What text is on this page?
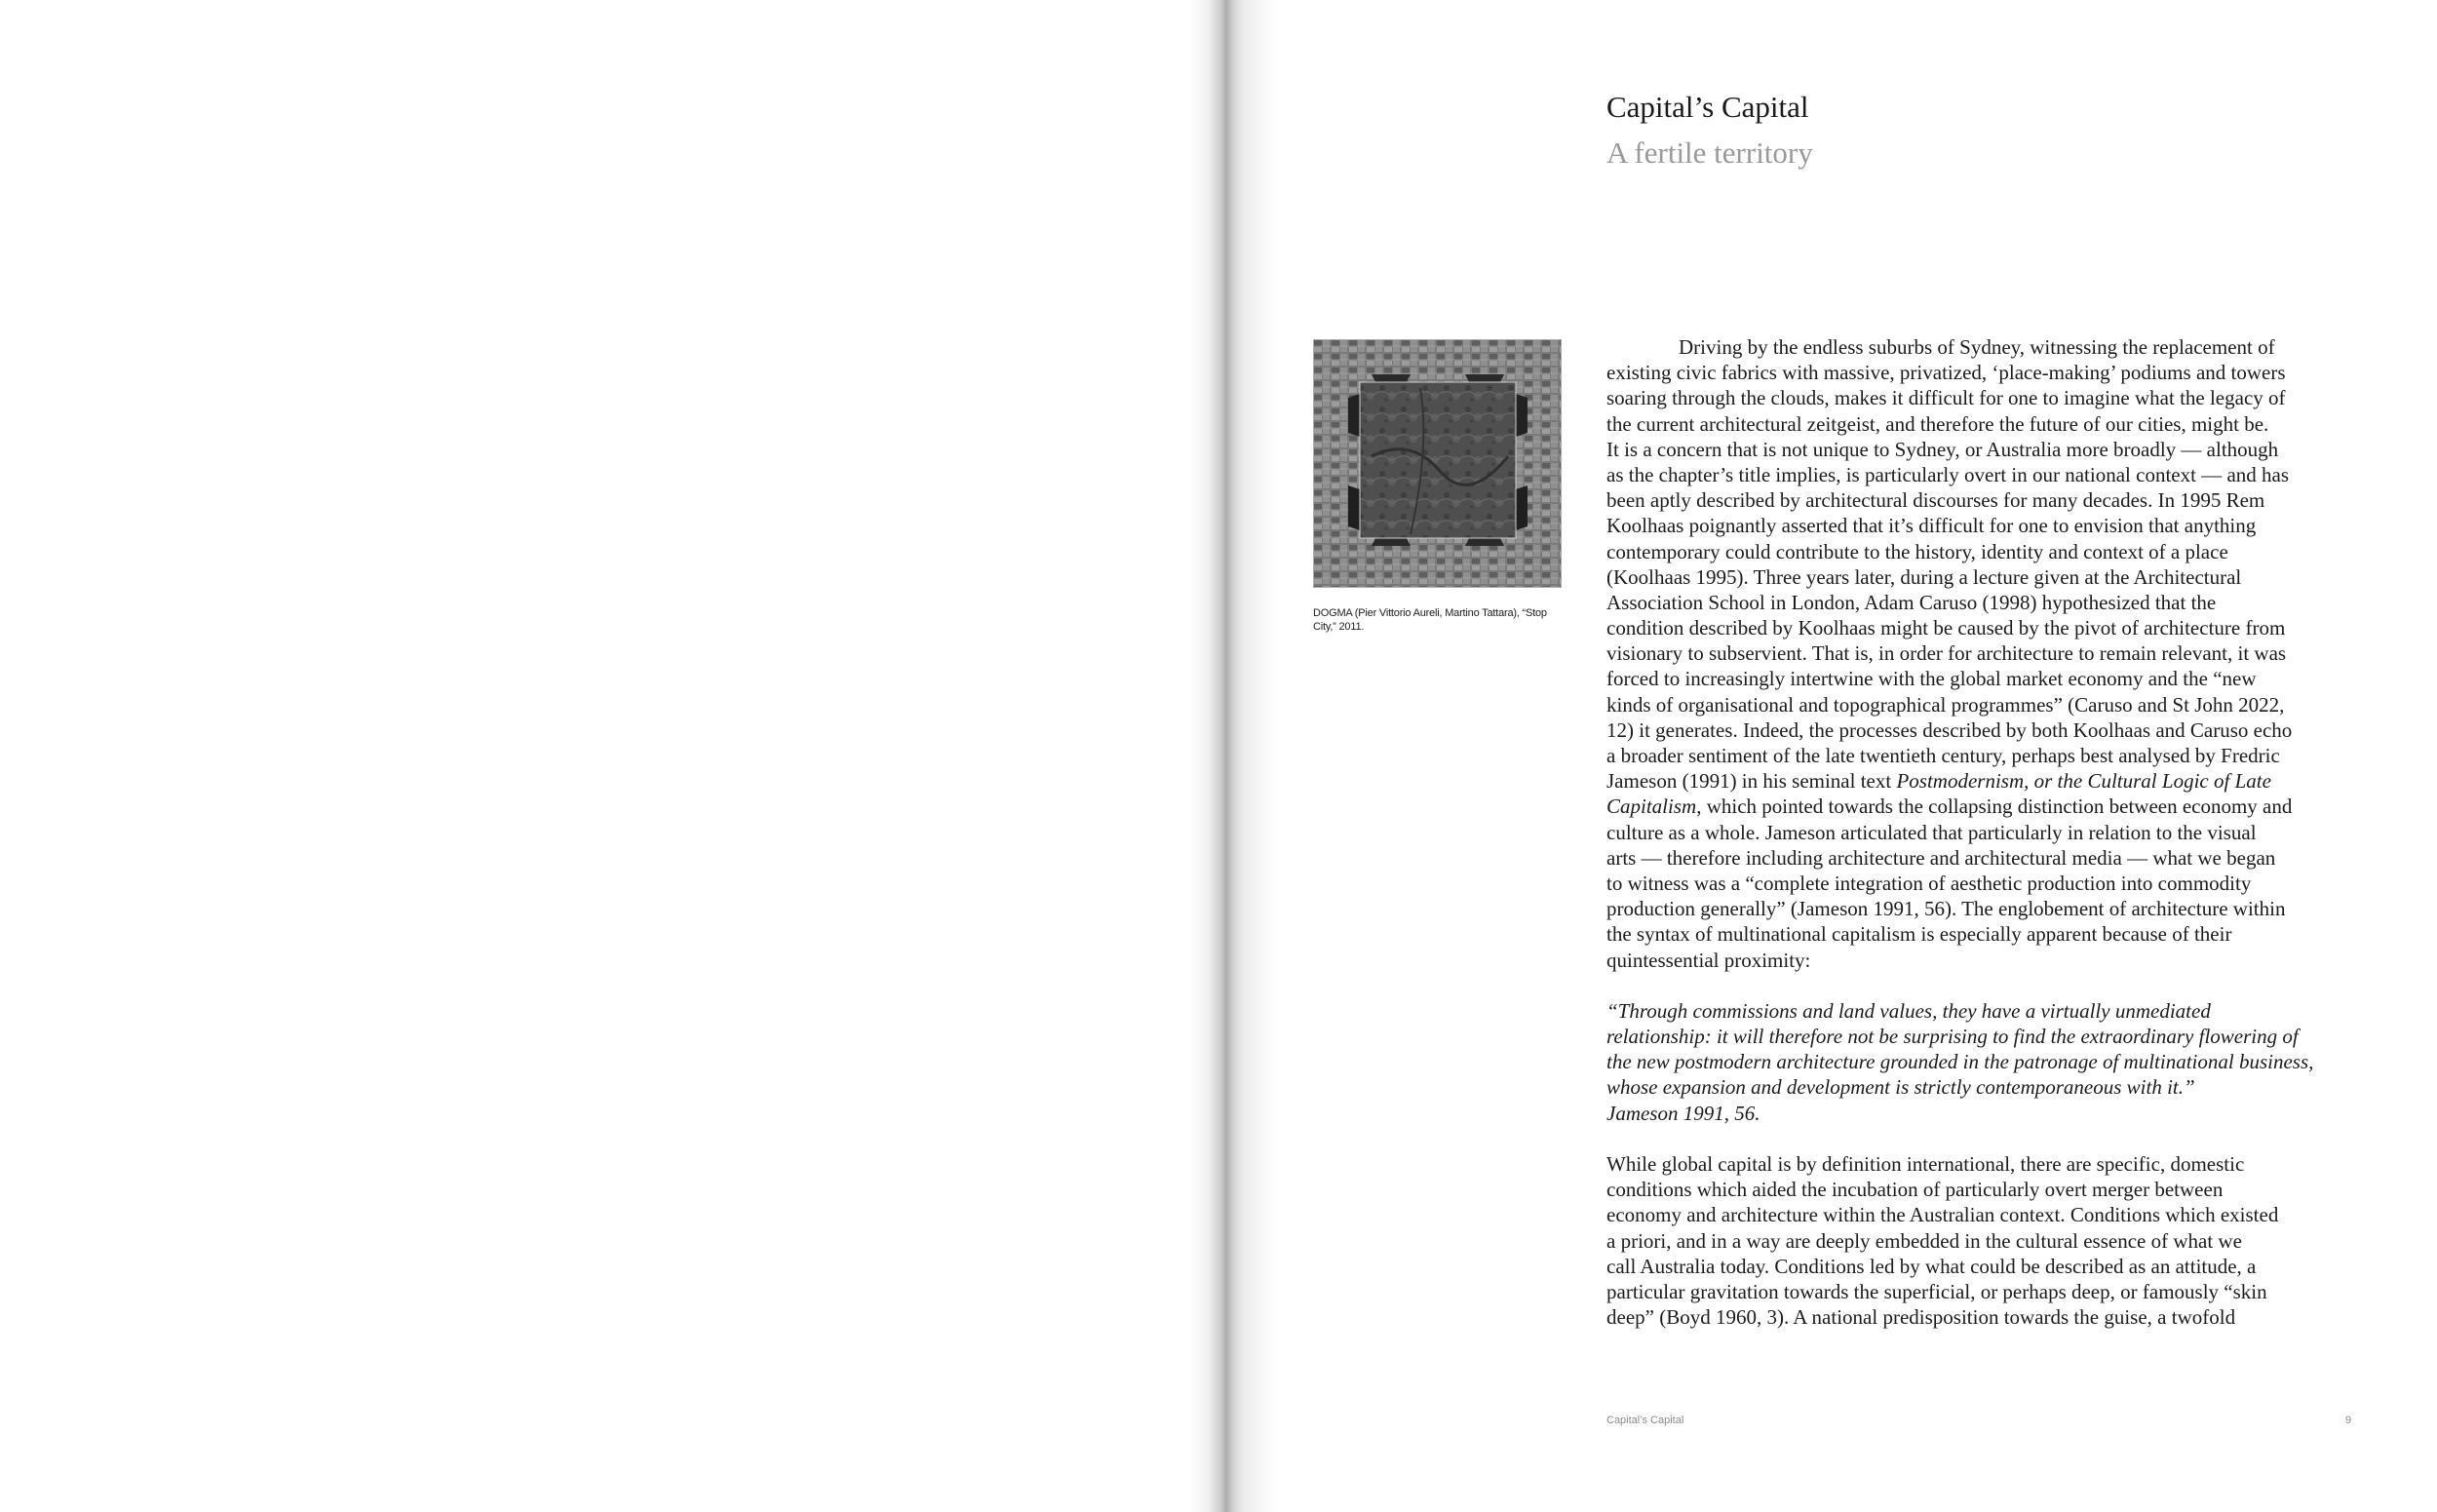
Capital’s Capital
A fertile territory
DOGMA (Pier Vittorio Aureli, Martino Tattara), “Stop City,” 2011.
Driving by the endless suburbs of Sydney, witnessing the replacement of
existing civic fabrics with massive, privatized, ‘place-making’ podiums and towers
soaring through the clouds, makes it difficult for one to imagine what the legacy of
the current architectural zeitgeist, and therefore the future of our cities, might be.
It is a concern that is not unique to Sydney, or Australia more broadly — although
as the chapter’s title implies, is particularly overt in our national context — and has
been aptly described by architectural discourses for many decades. In 1995 Rem
Koolhaas poignantly asserted that it’s difficult for one to envision that anything
contemporary could contribute to the history, identity and context of a place
(Koolhaas 1995). Three years later, during a lecture given at the Architectural
Association School in London, Adam Caruso (1998) hypothesized that the
condition described by Koolhaas might be caused by the pivot of architecture from
visionary to subservient. That is, in order for architecture to remain relevant, it was
forced to increasingly intertwine with the global market economy and the “new
kinds of organisational and topographical programmes” (Caruso and St John 2022,
12) it generates. Indeed, the processes described by both Koolhaas and Caruso echo
a broader sentiment of the late twentieth century, perhaps best analysed by Fredric
Jameson (1991) in his seminal text Postmodernism, or the Cultural Logic of Late
Capitalism, which pointed towards the collapsing distinction between economy and
culture as a whole. Jameson articulated that particularly in relation to the visual
arts — therefore including architecture and architectural media — what we began
to witness was a “complete integration of aesthetic production into commodity
production generally” (Jameson 1991, 56). The englobement of architecture within
the syntax of multinational capitalism is especially apparent because of their
quintessential proximity:
“Through commissions and land values, they have a virtually unmediated
relationship: it will therefore not be surprising to find the extraordinary flowering of
the new postmodern architecture grounded in the patronage of multinational business,
whose expansion and development is strictly contemporaneous with it.”
Jameson 1991, 56.
While global capital is by definition international, there are specific, domestic
conditions which aided the incubation of particularly overt merger between
economy and architecture within the Australian context. Conditions which existed
a priori, and in a way are deeply embedded in the cultural essence of what we
call Australia today. Conditions led by what could be described as an attitude, a
particular gravitation towards the superficial, or perhaps deep, or famously “skin
deep” (Boyd 1960, 3). A national predisposition towards the guise, a twofold
Capital’s Capital	9
